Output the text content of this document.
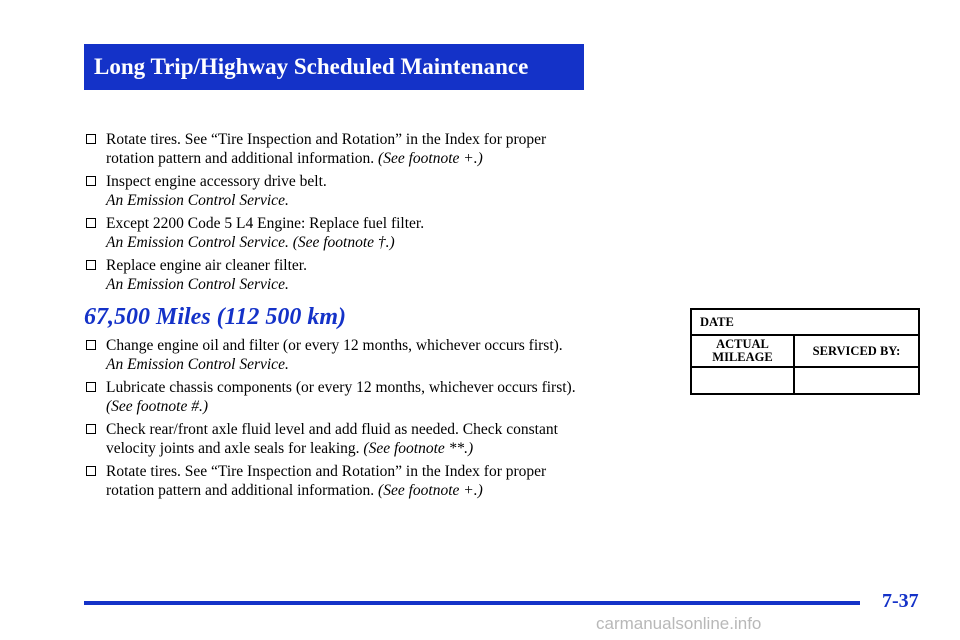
Long Trip/Highway Scheduled Maintenance
Rotate tires. See “Tire Inspection and Rotation” in the Index for proper
rotation pattern and additional information. (See footnote +.)
Inspect engine accessory drive belt.
An Emission Control Service.
Except 2200 Code 5 L4 Engine: Replace fuel filter.
An Emission Control Service. (See footnote †.)
Replace engine air cleaner filter.
An Emission Control Service.
67,500 Miles (112 500 km)
Change engine oil and filter (or every 12 months, whichever occurs first).
An Emission Control Service.
Lubricate chassis components (or every 12 months, whichever occurs first).
(See footnote #.)
Check rear/front axle fluid level and add fluid as needed. Check constant
velocity joints and axle seals for leaking. (See footnote **.)
Rotate tires. See “Tire Inspection and Rotation” in the Index for proper
rotation pattern and additional information. (See footnote +.)
DATE	
ACTUAL
MILEAGE	SERVICED BY:

7-37
carmanualsonline.info
